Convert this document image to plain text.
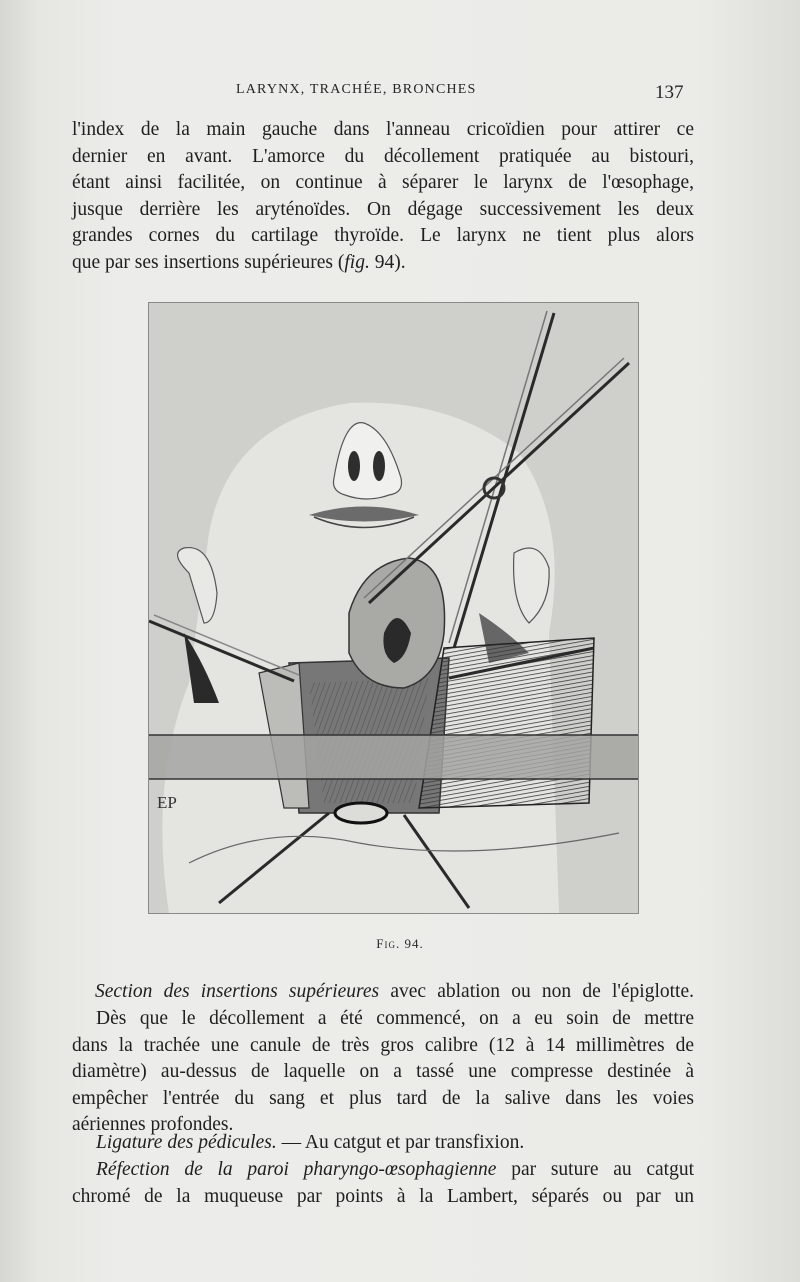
LARYNX, TRACHÉE, BRONCHES	137

l'index de la main gauche dans l'anneau cricoïdien pour attirer ce
dernier en avant. L'amorce du décollement pratiquée au bistouri,
étant ainsi facilitée, on continue à séparer le larynx de l'œsophage,
jusque derrière les aryténoïdes. On dégage successivement les deux
grandes cornes du cartilage thyroïde. Le larynx ne tient plus alors
que par ses insertions supérieures (fig. 94).

EP
Fig. 94.

Section des insertions supérieures avec ablation ou non de l'épiglotte.

Dès que le décollement a été commencé, on a eu soin de mettre
dans la trachée une canule de très gros calibre (12 à 14 millimètres de
diamètre) au-dessus de laquelle on a tassé une compresse destinée à
empêcher l'entrée du sang et plus tard de la salive dans les voies
aériennes profondes.

Ligature des pédicules. — Au catgut et par transfixion.

Réfection de la paroi pharyngo-œsophagienne par suture au catgut
chromé de la muqueuse par points à la Lambert, séparés ou par un
